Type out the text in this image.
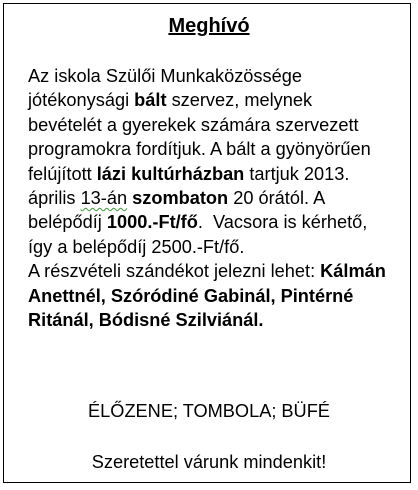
Meghívó
Az iskola Szülői Munkaközössége
jótékonysági bált szervez, melynek
bevételét a gyerekek számára szervezett
programokra fordítjuk. A bált a gyönyörűen
felújított lázi kultúrházban tartjuk 2013.
április 13-án szombaton 20 órától. A
belépődíj 1000.-Ft/fő.  Vacsora is kérhető,
így a belépődíj 2500.-Ft/fő.
A részvételi szándékot jelezni lehet: Kálmán
Anettnél, Szóródiné Gabinál, Pintérné
Ritánál, Bódisné Szilviánál.
ÉLŐZENE; TOMBOLA; BÜFÉ
Szeretettel várunk mindenkit!
